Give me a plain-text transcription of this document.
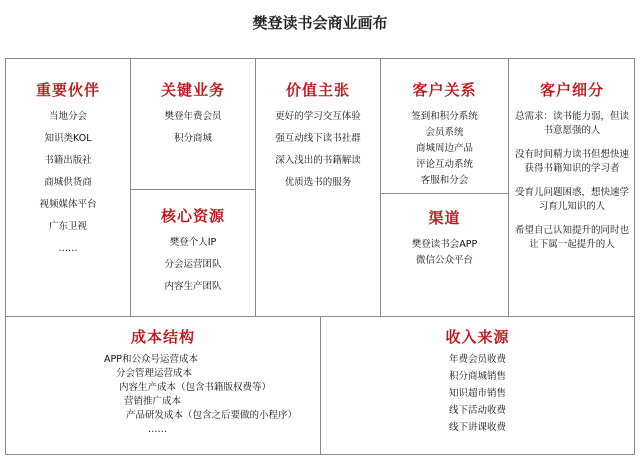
樊登读书会商业画布
重要伙伴
当地分会
知识类KOL
书籍出版社
商城供货商
视频媒体平台
广东卫视
……
关键业务
樊登年费会员
积分商城
核心资源
樊登个人IP
分会运营团队
内容生产团队
价值主张
更好的学习交互体验
强互动线下读书社群
深入浅出的书籍解读
优质选书的服务
客户关系
签到和积分系统
会员系统
商城周边产品
评论互动系统
客服和分会
渠道
樊登读书会APP
微信公众平台
客户细分
总需求：读书能力弱，但读书意愿强的人
没有时间精力读书但想快速获得书籍知识的学习者
受育儿问题困惑，想快速学习育儿知识的人
希望自己认知提升的同时也让下属一起提升的人
成本结构
APP和公众号运营成本
分会管理运营成本
内容生产成本（包含书籍版权费等）
营销推广成本
产品研发成本（包含之后要做的小程序）
……
收入来源
年费会员收费
积分商城销售
知识超市销售
线下活动收费
线下讲课收费
